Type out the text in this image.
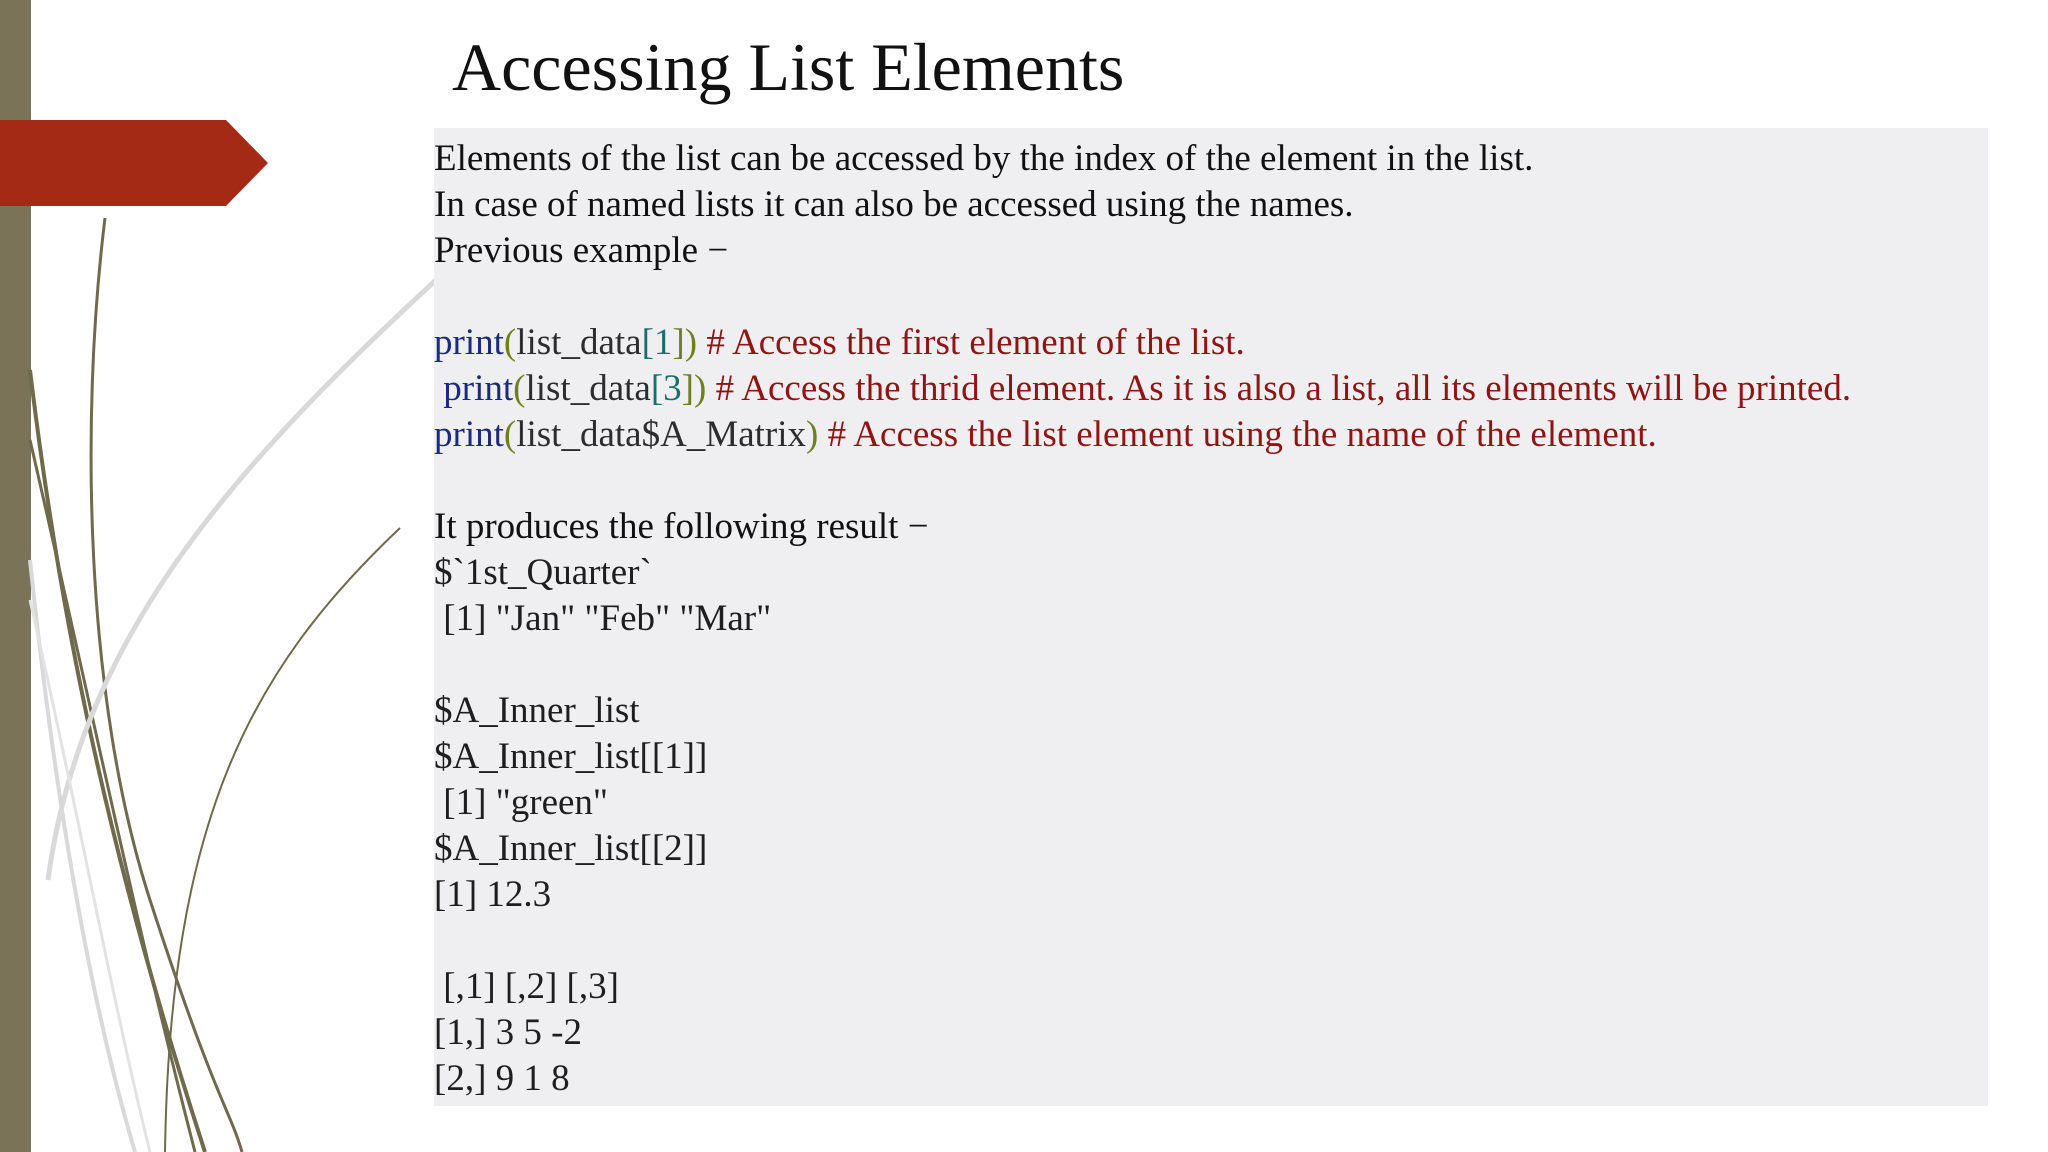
Accessing List Elements

Elements of the list can be accessed by the index of the element in the list.

In case of named lists it can also be accessed using the names.

Previous example −

print(list_data[1]) # Access the first element of the list.

print(list_data[3]) # Access the thrid element. As it is also a list, all its elements will be printed.

print(list_data$A_Matrix) # Access the list element using the name of the element.

It produces the following result −

$`1st_Quarter`

[1] "Jan" "Feb" "Mar"

$A_Inner_list

$A_Inner_list[[1]]

[1] "green"

$A_Inner_list[[2]]

[1] 12.3

[,1] [,2] [,3]

[1,] 3 5 -2

[2,] 9 1 8
